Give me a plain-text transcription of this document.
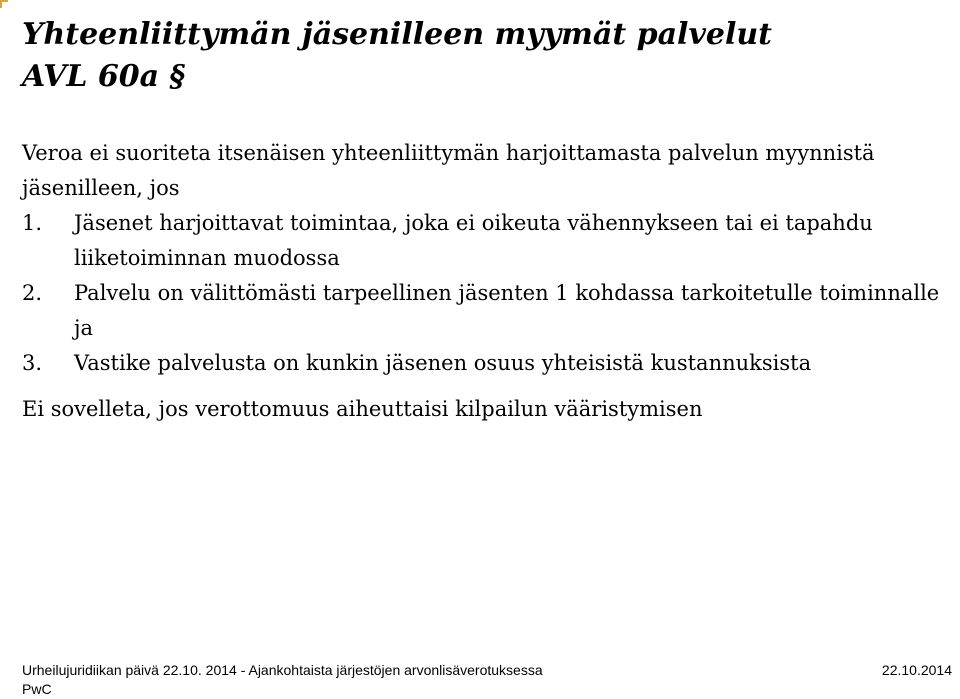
Yhteenliittymän jäsenilleen myymät palvelut
AVL 60a §

Veroa ei suoriteta itsenäisen yhteenliittymän harjoittamasta palvelun myynnistä jäsenilleen, jos

1.	Jäsenet harjoittavat toimintaa, joka ei oikeuta vähennykseen tai ei tapahdu liiketoiminnan muodossa
2.	Palvelu on välittömästi tarpeellinen jäsenten 1 kohdassa tarkoitetulle toiminnalle ja
3.	Vastike palvelusta on kunkin jäsenen osuus yhteisistä kustannuksista

Ei sovelleta, jos verottomuus aiheuttaisi kilpailun vääristymisen

Urheilujuridiikan päivä 22.10. 2014 - Ajankohtaista järjestöjen arvonlisäverotuksessa	22.10.2014
PwC
